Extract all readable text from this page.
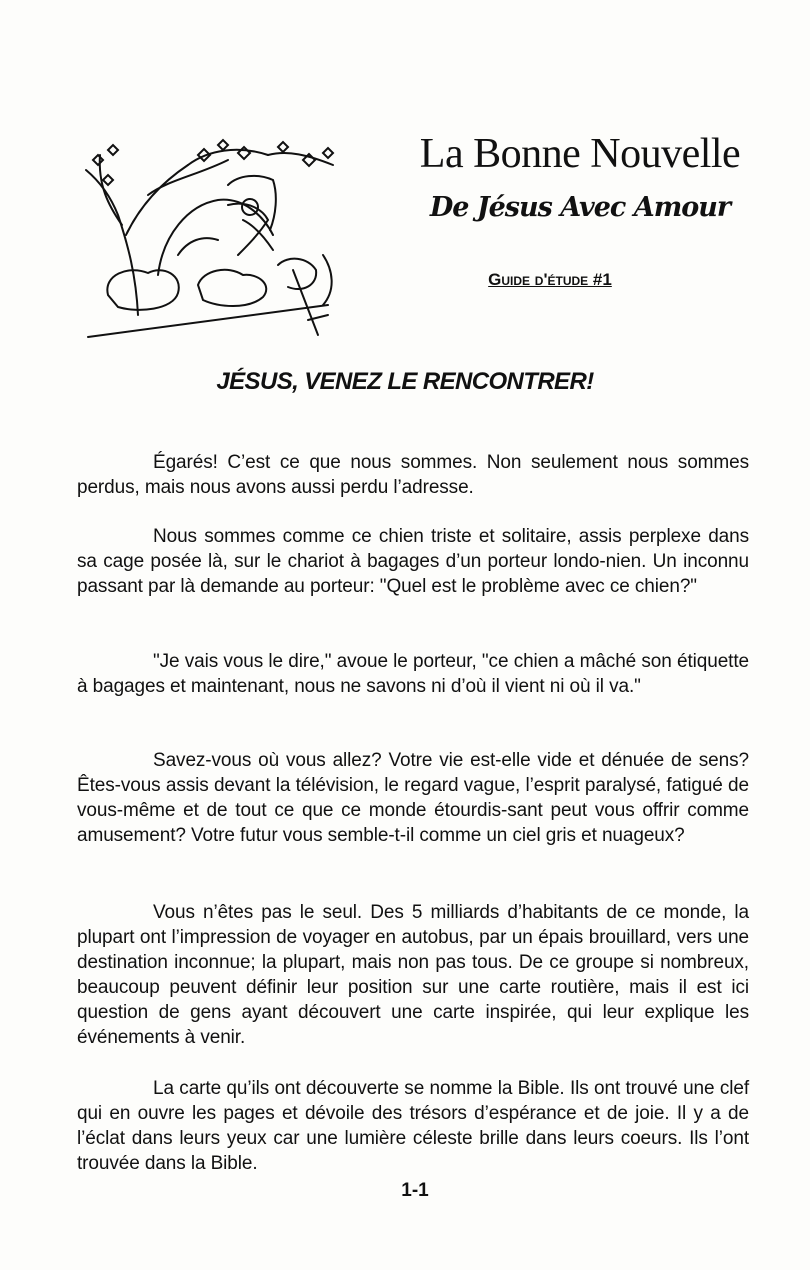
La Bonne Nouvelle
De Jésus Avec Amour
Guide d'étude #1
JÉSUS, VENEZ LE RENCONTRER!

Égarés! C’est ce que nous sommes. Non seulement nous sommes perdus, mais nous avons aussi perdu l’adresse.

Nous sommes comme ce chien triste et solitaire, assis perplexe dans sa cage posée là, sur le chariot à bagages d’un porteur londo-nien. Un inconnu passant par là demande au porteur: "Quel est le problème avec ce chien?"

"Je vais vous le dire," avoue le porteur, "ce chien a mâché son étiquette à bagages et maintenant, nous ne savons ni d’où il vient ni où il va."

Savez-vous où vous allez? Votre vie est-elle vide et dénuée de sens? Êtes-vous assis devant la télévision, le regard vague, l’esprit paralysé, fatigué de vous-même et de tout ce que ce monde étourdis-sant peut vous offrir comme amusement? Votre futur vous semble-t-il comme un ciel gris et nuageux?

Vous n’êtes pas le seul. Des 5 milliards d’habitants de ce monde, la plupart ont l’impression de voyager en autobus, par un épais brouillard, vers une destination inconnue; la plupart, mais non pas tous. De ce groupe si nombreux, beaucoup peuvent définir leur position sur une carte routière, mais il est ici question de gens ayant découvert une carte inspirée, qui leur explique les événements à venir.

La carte qu’ils ont découverte se nomme la Bible. Ils ont trouvé une clef qui en ouvre les pages et dévoile des trésors d’espérance et de joie. Il y a de l’éclat dans leurs yeux car une lumière céleste brille dans leurs coeurs. Ils l’ont trouvée dans la Bible.

1-1
